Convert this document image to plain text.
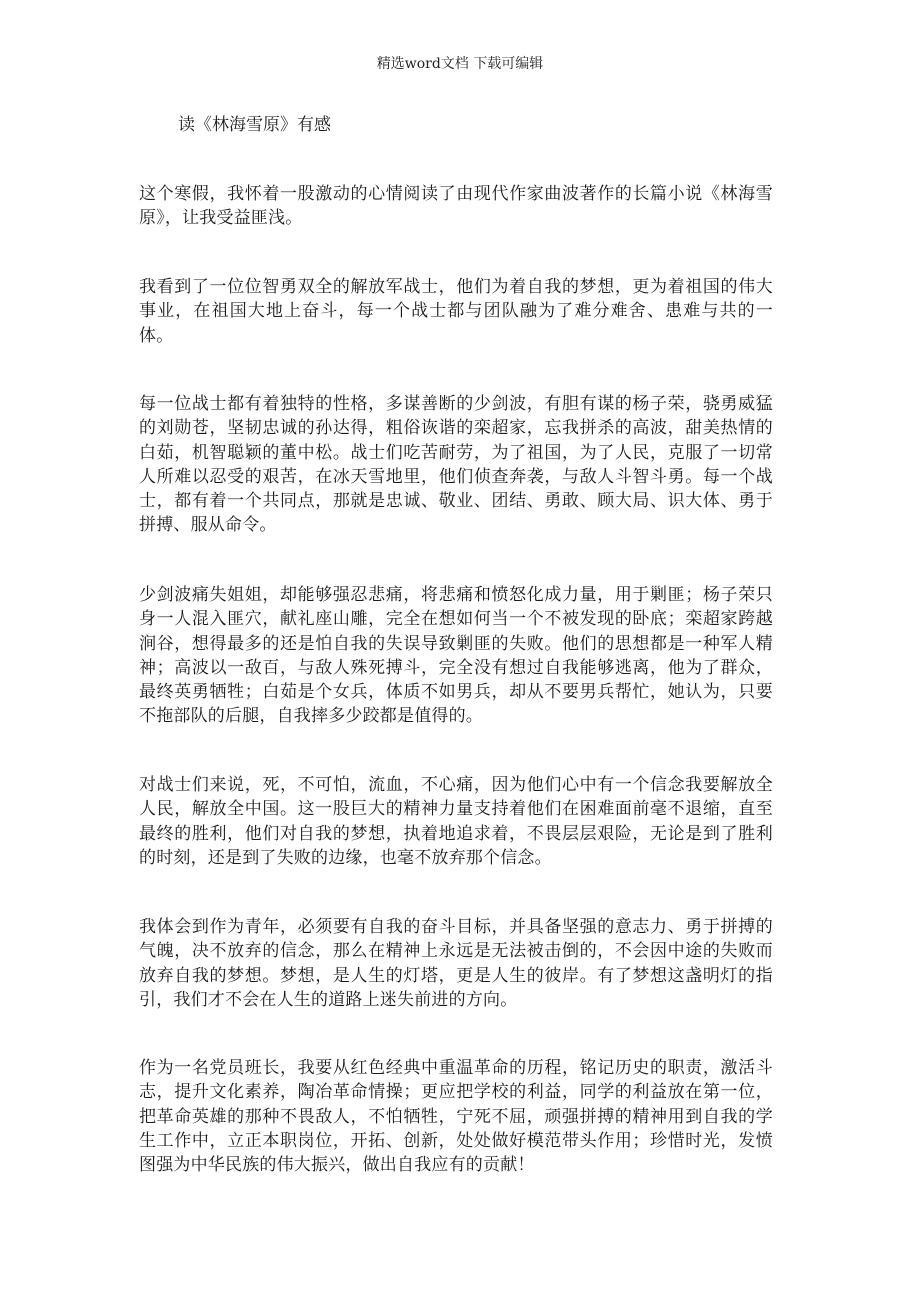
精选word文档 下载可编辑
读《林海雪原》有感

这个寒假，我怀着一股激动的心情阅读了由现代作家曲波著作的长篇小说《林海雪原》，让我受益匪浅。

我看到了一位位智勇双全的解放军战士，他们为着自我的梦想，更为着祖国的伟大事业，在祖国大地上奋斗，每一个战士都与团队融为了难分难舍、患难与共的一体。

每一位战士都有着独特的性格，多谋善断的少剑波，有胆有谋的杨子荣，骁勇威猛的刘勋苍，坚韧忠诚的孙达得，粗俗诙谐的栾超家，忘我拼杀的高波，甜美热情的白茹，机智聪颖的董中松。战士们吃苦耐劳，为了祖国，为了人民，克服了一切常人所难以忍受的艰苦，在冰天雪地里，他们侦查奔袭，与敌人斗智斗勇。每一个战士，都有着一个共同点，那就是忠诚、敬业、团结、勇敢、顾大局、识大体、勇于拼搏、服从命令。

少剑波痛失姐姐，却能够强忍悲痛，将悲痛和愤怒化成力量，用于剿匪；杨子荣只身一人混入匪穴，献礼座山雕，完全在想如何当一个不被发现的卧底；栾超家跨越涧谷，想得最多的还是怕自我的失误导致剿匪的失败。他们的思想都是一种军人精神；高波以一敌百，与敌人殊死搏斗，完全没有想过自我能够逃离，他为了群众，最终英勇牺牲；白茹是个女兵，体质不如男兵，却从不要男兵帮忙，她认为，只要不拖部队的后腿，自我摔多少跤都是值得的。

对战士们来说，死，不可怕，流血，不心痛，因为他们心中有一个信念我要解放全人民，解放全中国。这一股巨大的精神力量支持着他们在困难面前毫不退缩，直至最终的胜利，他们对自我的梦想，执着地追求着，不畏层层艰险，无论是到了胜利的时刻，还是到了失败的边缘，也毫不放弃那个信念。

我体会到作为青年，必须要有自我的奋斗目标，并具备坚强的意志力、勇于拼搏的气魄，决不放弃的信念，那么在精神上永远是无法被击倒的，不会因中途的失败而放弃自我的梦想。梦想，是人生的灯塔，更是人生的彼岸。有了梦想这盏明灯的指引，我们才不会在人生的道路上迷失前进的方向。

作为一名党员班长，我要从红色经典中重温革命的历程，铭记历史的职责，激活斗志，提升文化素养，陶冶革命情操；更应把学校的利益，同学的利益放在第一位，把革命英雄的那种不畏敌人，不怕牺牲，宁死不屈，顽强拼搏的精神用到自我的学生工作中，立正本职岗位，开拓、创新，处处做好模范带头作用；珍惜时光，发愤图强为中华民族的伟大振兴，做出自我应有的贡献！
